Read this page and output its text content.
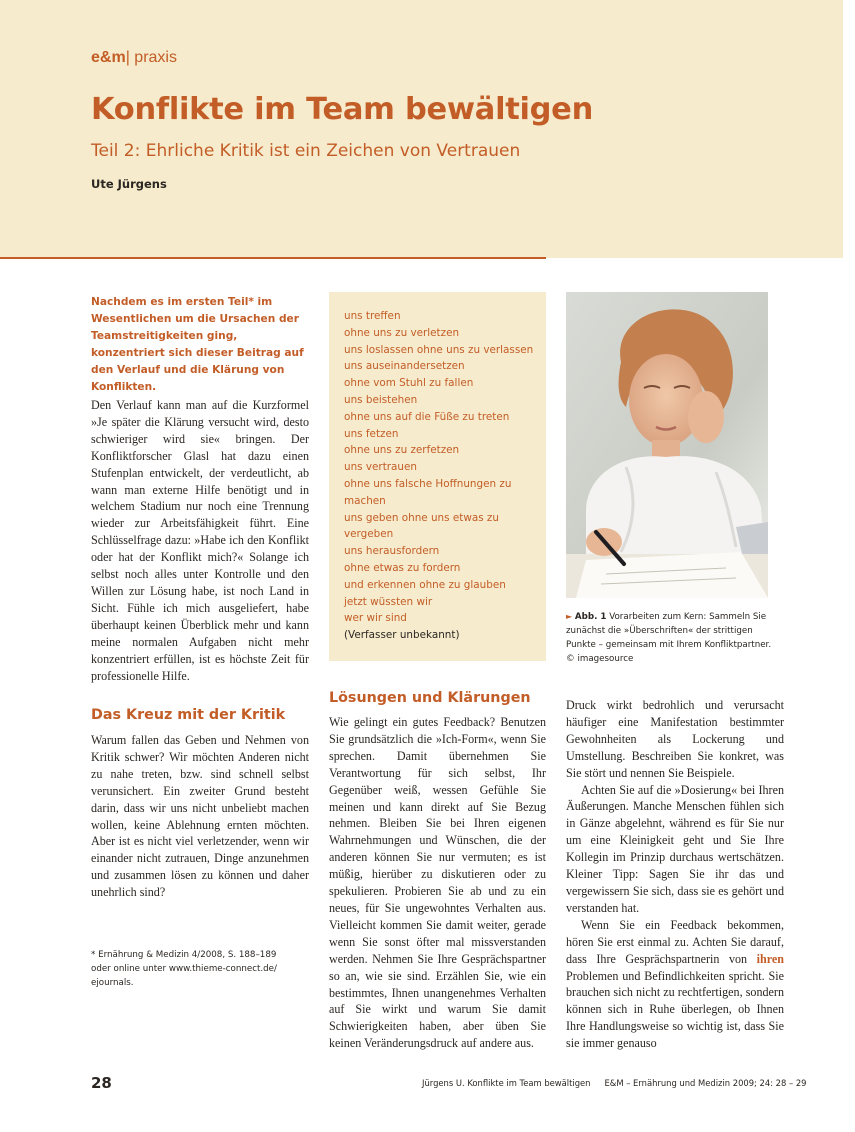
e&m| praxis
Konflikte im Team bewältigen
Teil 2: Ehrliche Kritik ist ein Zeichen von Vertrauen
Ute Jürgens
Nachdem es im ersten Teil* im Wesentlichen um die Ursachen der Teamstreitigkeiten ging, konzentriert sich dieser Beitrag auf den Verlauf und die Klärung von Konflikten.

Den Verlauf kann man auf die Kurzformel »Je später die Klärung versucht wird, desto schwieriger wird sie« bringen. Der Konfliktforscher Glasl hat dazu einen Stufenplan entwickelt, der verdeutlicht, ab wann man externe Hilfe benötigt und in welchem Stadium nur noch eine Trennung wieder zur Arbeitsfähigkeit führt. Eine Schlüsselfrage dazu: »Habe ich den Konflikt oder hat der Konflikt mich?« Solange ich selbst noch alles unter Kontrolle und den Willen zur Lösung habe, ist noch Land in Sicht. Fühle ich mich ausgeliefert, habe überhaupt keinen Überblick mehr und kann meine normalen Aufgaben nicht mehr konzentriert erfüllen, ist es höchste Zeit für professionelle Hilfe.

Das Kreuz mit der Kritik

Warum fallen das Geben und Nehmen von Kritik schwer? Wir möchten Anderen nicht zu nahe treten, bzw. sind schnell selbst verunsichert. Ein zweiter Grund besteht darin, dass wir uns nicht unbeliebt machen wollen, keine Ablehnung ernten möchten. Aber ist es nicht viel verletzender, wenn wir einander nicht zutrauen, Dinge anzunehmen und zusammen lösen zu können und daher unehrlich sind?

* Ernährung & Medizin 4/2008, S. 188–189
oder online unter www.thieme-connect.de/
ejournals.
uns treffen
ohne uns zu verletzen
uns loslassen ohne uns zu verlassen
uns auseinandersetzen
ohne vom Stuhl zu fallen
uns beistehen
ohne uns auf die Füße zu treten
uns fetzen
ohne uns zu zerfetzen
uns vertrauen
ohne uns falsche Hoffnungen zu
machen
uns geben ohne uns etwas zu
vergeben
uns herausfordern
ohne etwas zu fordern
und erkennen ohne zu glauben
jetzt wüssten wir
wer wir sind
(Verfasser unbekannt)
Lösungen und Klärungen

Wie gelingt ein gutes Feedback? Benutzen Sie grundsätzlich die »Ich-Form«, wenn Sie sprechen. Damit übernehmen Sie Verantwortung für sich selbst, Ihr Gegenüber weiß, wessen Gefühle Sie meinen und kann direkt auf Sie Bezug nehmen. Bleiben Sie bei Ihren eigenen Wahrnehmungen und Wünschen, die der anderen können Sie nur vermuten; es ist müßig, hierüber zu diskutieren oder zu spekulieren. Probieren Sie ab und zu ein neues, für Sie ungewohntes Verhalten aus. Vielleicht kommen Sie damit weiter, gerade wenn Sie sonst öfter mal missverstanden werden. Nehmen Sie Ihre Gesprächspartner so an, wie sie sind. Erzählen Sie, wie ein bestimmtes, Ihnen unangenehmes Verhalten auf Sie wirkt und warum Sie damit Schwierigkeiten haben, aber üben Sie keinen Veränderungsdruck auf andere aus.

► Abb. 1 Vorarbeiten zum Kern: Sammeln Sie zunächst die »Überschriften« der strittigen Punkte – gemeinsam mit Ihrem Konfliktpartner.
© imagesource

Druck wirkt bedrohlich und verursacht häufiger eine Manifestation bestimmter Gewohnheiten als Lockerung und Umstellung. Beschreiben Sie konkret, was Sie stört und nennen Sie Beispiele.

Achten Sie auf die »Dosierung« bei Ihren Äußerungen. Manche Menschen fühlen sich in Gänze abgelehnt, während es für Sie nur um eine Kleinigkeit geht und Sie Ihre Kollegin im Prinzip durchaus wertschätzen. Kleiner Tipp: Sagen Sie ihr das und vergewissern Sie sich, dass sie es gehört und verstanden hat.

Wenn Sie ein Feedback bekommen, hören Sie erst einmal zu. Achten Sie darauf, dass Ihre Gesprächspartnerin von ihren Problemen und Befindlichkeiten spricht. Sie brauchen sich nicht zu rechtfertigen, sondern können sich in Ruhe überlegen, ob Ihnen Ihre Handlungsweise so wichtig ist, dass Sie sie immer genauso

28	Jürgens U. Konflikte im Team bewältigen E&M – Ernährung und Medizin 2009; 24: 28 – 29
